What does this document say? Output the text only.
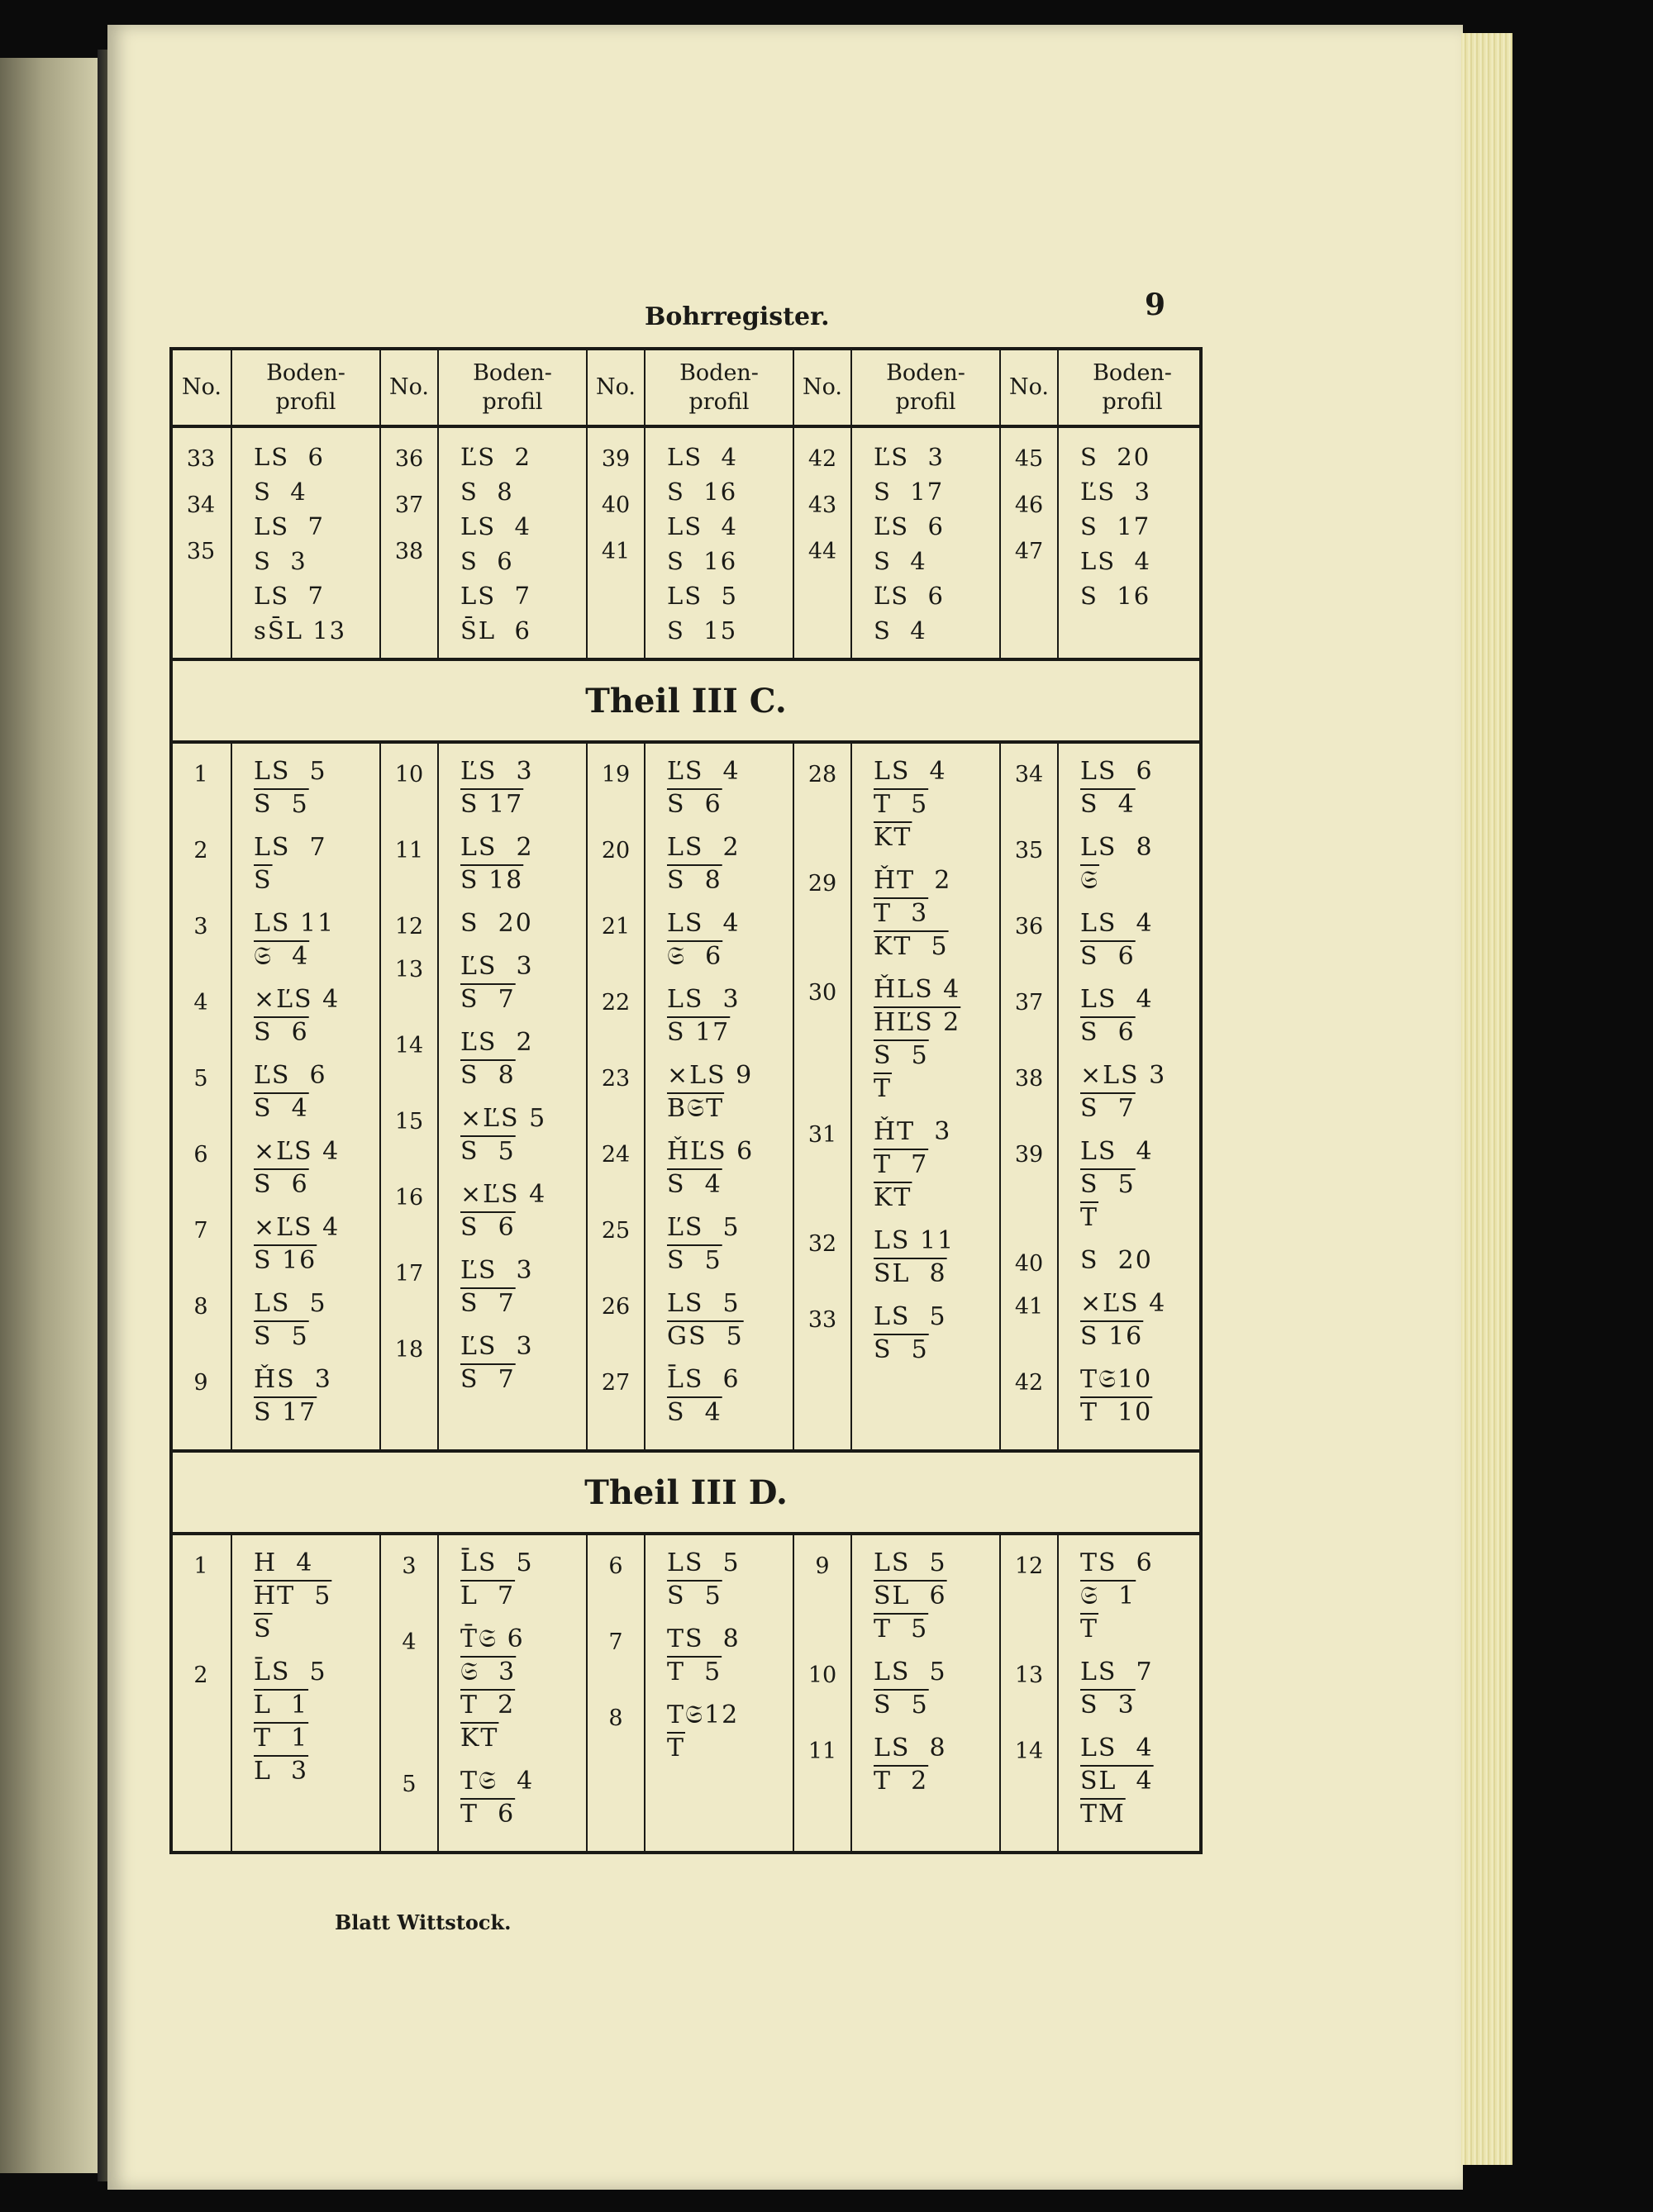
Bohrregister.	9
No.
Boden-
profil
No.
Boden-
profil
No.
Boden-
profil
No.
Boden-
profil
No.
Boden-
profil
33
34
35
LS  6
S  4
LS  7
S  3
LS  7
sS̄L 13
36
37
38
ĽS  2
S  8
LS  4
S  6
LS  7
S̄L  6
39
40
41
LS  4
S  16
LS  4
S  16
LS  5
S  15
42
43
44
ĽS  3
S  17
ĽS  6
S  4
ĽS  6
S  4
45
46
47
S  20
ĽS  3
S  17
LS  4
S  16
Theil III C.
1
2
3
4
5
6
7
8
9
LS  5
S  5
LS  7
$\overline{S}$
LS 11
𝔖  4
×ĽS 4
S  6
ĽS  6
S  4
×ĽS 4
S  6
×ĽS 4
S 16
LS  5
S  5
ȞS  3
S 17
10
11
12
13
14
15
16
17
18
ĽS  3
S 17
LS  2
S 18
S  20
ĽS  3
S  7
ĽS  2
S  8
×ĽS 5
S  5
×ĽS 4
S  6
ĽS  3
S  7
ĽS  3
S  7
19
20
21
22
23
24
25
26
27
ĽS  4
S  6
LS  2
S  8
LS  4
𝔖  6
LS  3
S 17
×LS 9
B𝔖T
ȞĽS 6
S  4
ĽS  5
S  5
LS  5
GS  5
L̄S  6
S  4
28
29
30
31
32
33
LS  4
T  5
$\overline{KT}$
ȞT  2
T  3
KT  5
ȞLS 4
HĽS 2
S  5
$\overline{T}$
ȞT  3
T  7
$\overline{KT}$
LS 11
SL  8
LS  5
S  5
34
35
36
37
38
39
40
41
42
LS  6
S  4
LS  8
𝔖
LS  4
S  6
LS  4
S  6
×LS 3
S  7
LS  4
S  5
$\overline{T}$
S  20
×ĽS 4
S 16
T𝔖10
T  10
Theil III D.
1
2
H  4
HT  5
$\overline{S}$
L̄S  5
L  1
T  1
L  3
3
4
5
L̄S  5
L  7
T̄𝔖 6
𝔖  3
T  2
$\overline{KT}$
T𝔖  4
T  6
6
7
8
LS  5
S  5
TS  8
T  5
T𝔖12
$\overline{T}$
9
10
11
LS  5
SL  6
T  5
LS  5
S  5
LS  8
T  2
12
13
14
TS  6
𝔖  1
$\overline{T}$
LS  7
S  3
LS  4
SL  4
$\overline{TM}$
Blatt Wittstock.
